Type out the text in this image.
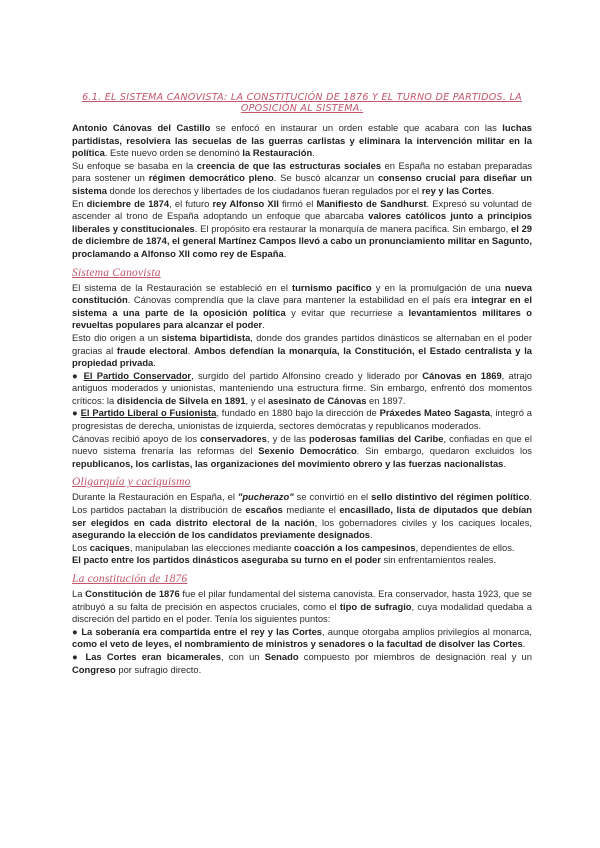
6.1. EL SISTEMA CANOVISTA: LA CONSTITUCIÓN DE 1876 Y EL TURNO DE PARTIDOS. LA OPOSICIÓN AL SISTEMA.

Antonio Cánovas del Castillo se enfocó en instaurar un orden estable que acabara con las luchas partidistas, resolviera las secuelas de las guerras carlistas y eliminara la intervención militar en la política. Este nuevo orden se denominó la Restauración.

Su enfoque se basaba en la creencia de que las estructuras sociales en España no estaban preparadas para sostener un régimen democrático pleno. Se buscó alcanzar un consenso crucial para diseñar un sistema donde los derechos y libertades de los ciudadanos fueran regulados por el rey y las Cortes.

En diciembre de 1874, el futuro rey Alfonso XII firmó el Manifiesto de Sandhurst. Expresó su voluntad de ascender al trono de España adoptando un enfoque que abarcaba valores católicos junto a principios liberales y constitucionales. El propósito era restaurar la monarquía de manera pacífica. Sin embargo, el 29 de diciembre de 1874, el general Martínez Campos llevó a cabo un pronunciamiento militar en Sagunto, proclamando a Alfonso XII como rey de España.

Sistema Canovista

El sistema de la Restauración se estableció en el turnismo pacífico y en la promulgación de una nueva constitución. Cánovas comprendía que la clave para mantener la estabilidad en el país era integrar en el sistema a una parte de la oposición política y evitar que recurriese a levantamientos militares o revueltas populares para alcanzar el poder.

Esto dio origen a un sistema bipartidista, donde dos grandes partidos dinásticos se alternaban en el poder gracias al fraude electoral. Ambos defendían la monarquía, la Constitución, el Estado centralista y la propiedad privada.

● El Partido Conservador, surgido del partido Alfonsino creado y liderado por Cánovas en 1869, atrajo antiguos moderados y unionistas, manteniendo una estructura firme. Sin embargo, enfrentó dos momentos críticos: la disidencia de Silvela en 1891, y el asesinato de Cánovas en 1897.

● El Partido Liberal o Fusionista, fundado en 1880 bajo la dirección de Práxedes Mateo Sagasta, integró a progresistas de derecha, unionistas de izquierda, sectores demócratas y republicanos moderados.

Cánovas recibió apoyo de los conservadores, y de las poderosas familias del Caribe, confiadas en que el nuevo sistema frenaría las reformas del Sexenio Democrático. Sin embargo, quedaron excluidos los republicanos, los carlistas, las organizaciones del movimiento obrero y las fuerzas nacionalistas.

Oligarquía y caciquismo

Durante la Restauración en España, el "pucherazo" se convirtió en el sello distintivo del régimen político. Los partidos pactaban la distribución de escaños mediante el encasillado, lista de diputados que debían ser elegidos en cada distrito electoral de la nación, los gobernadores civiles y los caciques locales, asegurando la elección de los candidatos previamente designados.

Los caciques, manipulaban las elecciones mediante coacción a los campesinos, dependientes de ellos.

El pacto entre los partidos dinásticos aseguraba su turno en el poder sin enfrentamientos reales.

La constitución de 1876

La Constitución de 1876 fue el pilar fundamental del sistema canovista. Era conservador, hasta 1923, que se atribuyó a su falta de precisión en aspectos cruciales, como el tipo de sufragio, cuya modalidad quedaba a discreción del partido en el poder. Tenía los siguientes puntos:

● La soberanía era compartida entre el rey y las Cortes, aunque otorgaba amplios privilegios al monarca, como el veto de leyes, el nombramiento de ministros y senadores o la facultad de disolver las Cortes.

● Las Cortes eran bicamerales, con un Senado compuesto por miembros de designación real y un Congreso por sufragio directo.
